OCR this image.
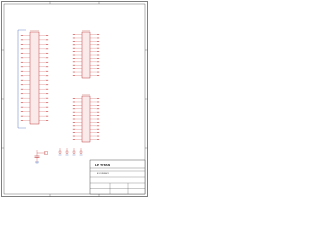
LP TITAN
BOOSTERPACK
